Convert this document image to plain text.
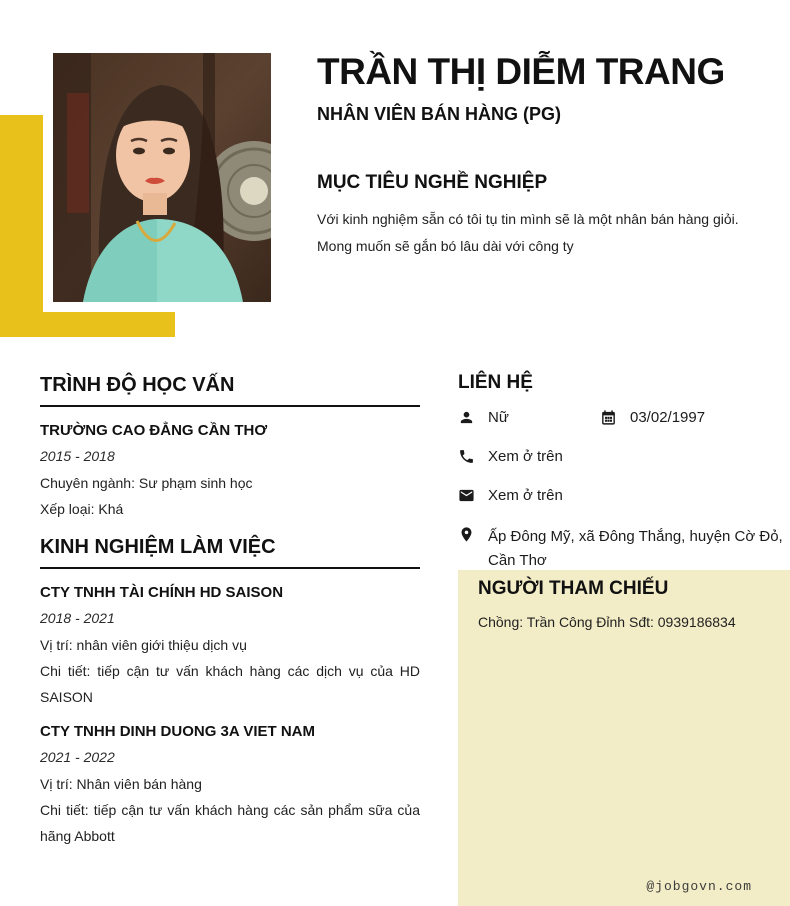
TRẦN THỊ DIỄM TRANG
NHÂN VIÊN BÁN HÀNG (PG)
MỤC TIÊU NGHỀ NGHIỆP

Với kinh nghiệm sẵn có tôi tụ tin mình sẽ là một nhân bán hàng giỏi.

Mong muốn sẽ gắn bó lâu dài với công ty

TRÌNH ĐỘ HỌC VẤN
TRƯỜNG CAO ĐẲNG CẦN THƠ
2015 - 2018

Chuyên ngành: Sư phạm sinh học

Xếp loại: Khá

KINH NGHIỆM LÀM VIỆC
CTY TNHH TÀI CHÍNH HD SAISON
2018 - 2021

Vị trí: nhân viên giới thiệu dịch vụ

Chi tiết: tiếp cận tư vấn khách hàng các dịch vụ của HD SAISON

CTY TNHH DINH DUONG 3A VIET NAM
2021 - 2022

Vị trí: Nhân viên bán hàng

Chi tiết: tiếp cận tư vấn khách hàng các sản phẩm sữa của hãng Abbott

LIÊN HỆ
Nữ	03/02/1997
Xem ở trên
Xem ở trên
Ấp Đông Mỹ, xã Đông Thắng, huyện Cờ Đỏ, Cần Thơ
NGƯỜI THAM CHIẾU

Chồng: Trần Công Đỉnh Sđt: 0939186834

@jobgovn.com
